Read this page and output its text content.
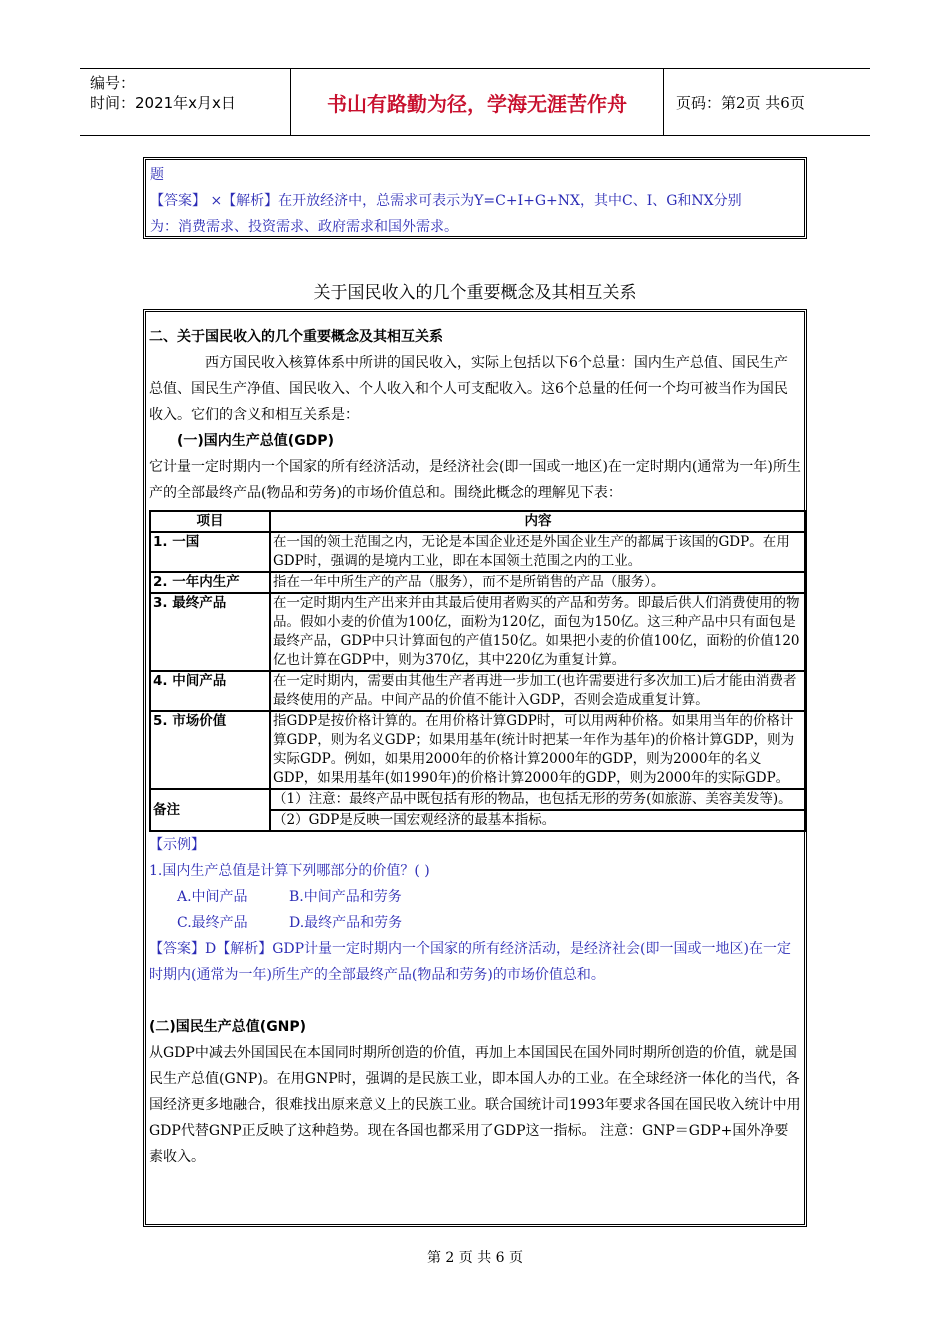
编号：
时间：2021年x月x日	书山有路勤为径，学海无涯苦作舟	页码：第2页 共6页

题

【答案】 ×【解析】在开放经济中，总需求可表示为Y=C+I+G+NX，其中C、I、G和NX分别

为：消费需求、投资需求、政府需求和国外需求。

关于国民收入的几个重要概念及其相互关系

二、关于国民收入的几个重要概念及其相互关系

西方国民收入核算体系中所讲的国民收入，实际上包括以下6个总量：国内生产总值、国民生产总值、国民生产净值、国民收入、个人收入和个人可支配收入。这6个总量的任何一个均可被当作为国民收入。它们的含义和相互关系是：

(一)国内生产总值(GDP)

它计量一定时期内一个国家的所有经济活动，是经济社会(即一国或一地区)在一定时期内(通常为一年)所生产的全部最终产品(物品和劳务)的市场价值总和。围绕此概念的理解见下表：

项目	内容
1. 一国	在一国的领土范围之内，无论是本国企业还是外国企业生产的都属于该国的GDP。在用GDP时，强调的是境内工业，即在本国领土范围之内的工业。
2. 一年内生产	指在一年中所生产的产品（服务），而不是所销售的产品（服务）。
3. 最终产品	在一定时期内生产出来并由其最后使用者购买的产品和劳务。即最后供人们消费使用的物品。假如小麦的价值为100亿，面粉为120亿，面包为150亿。这三种产品中只有面包是最终产品，GDP中只计算面包的产值150亿。如果把小麦的价值100亿，面粉的价值120亿也计算在GDP中，则为370亿，其中220亿为重复计算。
4. 中间产品	在一定时期内，需要由其他生产者再进一步加工(也许需要进行多次加工)后才能由消费者最终使用的产品。中间产品的价值不能计入GDP，否则会造成重复计算。
5. 市场价值	指GDP是按价格计算的。在用价格计算GDP时，可以用两种价格。如果用当年的价格计算GDP，则为名义GDP；如果用基年(统计时把某一年作为基年)的价格计算GDP，则为实际GDP。例如，如果用2000年的价格计算2000年的GDP，则为2000年的名义GDP，如果用基年(如1990年)的价格计算2000年的GDP，则为2000年的实际GDP。
备注	（1）注意：最终产品中既包括有形的物品，也包括无形的劳务(如旅游、美容美发等)。
	（2）GDP是反映一国宏观经济的最基本指标。

【示例】

1.国内生产总值是计算下列哪部分的价值？( )

A.中间产品	B.中间产品和劳务

C.最终产品	D.最终产品和劳务

【答案】D【解析】GDP计量一定时期内一个国家的所有经济活动，是经济社会(即一国或一地区)在一定时期内(通常为一年)所生产的全部最终产品(物品和劳务)的市场价值总和。

(二)国民生产总值(GNP)

从GDP中减去外国国民在本国同时期所创造的价值，再加上本国国民在国外同时期所创造的价值，就是国民生产总值(GNP)。在用GNP时，强调的是民族工业，即本国人办的工业。在全球经济一体化的当代，各国经济更多地融合，很难找出原来意义上的民族工业。联合国统计司1993年要求各国在国民收入统计中用GDP代替GNP正反映了这种趋势。现在各国也都采用了GDP这一指标。 注意：GNP＝GDP+国外净要素收入。

第 2 页 共 6 页
